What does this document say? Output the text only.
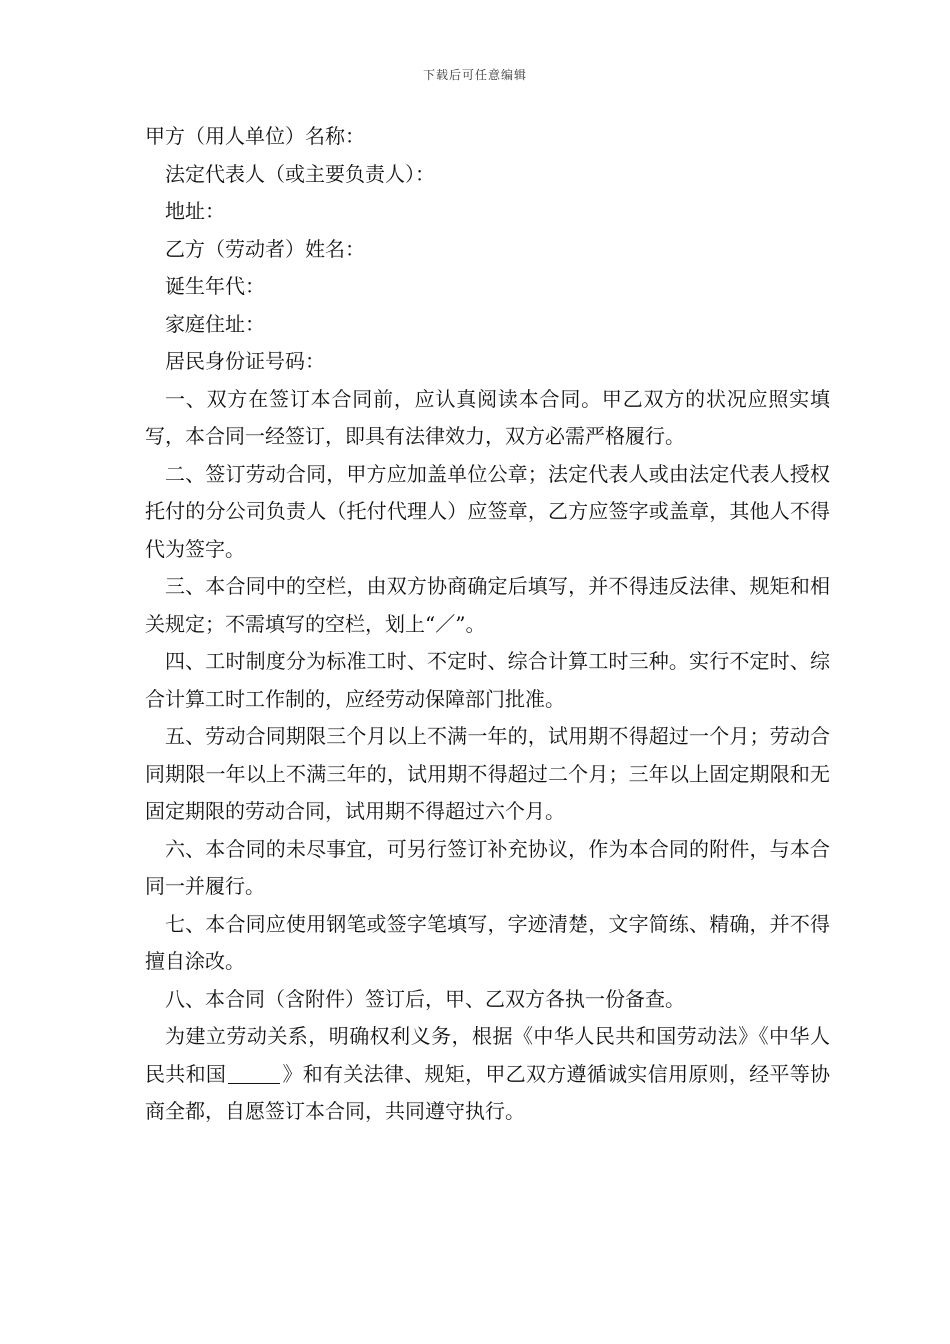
下载后可任意编辑

甲方（用人单位）名称：

法定代表人（或主要负责人）：

地址：

乙方（劳动者）姓名：

诞生年代：

家庭住址：

居民身份证号码：

一、双方在签订本合同前，应认真阅读本合同。甲乙双方的状况应照实填写，本合同一经签订，即具有法律效力，双方必需严格履行。

二、签订劳动合同，甲方应加盖单位公章；法定代表人或由法定代表人授权托付的分公司负责人（托付代理人）应签章，乙方应签字或盖章，其他人不得代为签字。

三、本合同中的空栏，由双方协商确定后填写，并不得违反法律、规矩和相关规定；不需填写的空栏，划上“／”。

四、工时制度分为标准工时、不定时、综合计算工时三种。实行不定时、综合计算工时工作制的，应经劳动保障部门批准。

五、劳动合同期限三个月以上不满一年的，试用期不得超过一个月；劳动合同期限一年以上不满三年的，试用期不得超过二个月；三年以上固定期限和无固定期限的劳动合同，试用期不得超过六个月。

六、本合同的未尽事宜，可另行签订补充协议，作为本合同的附件，与本合同一并履行。

七、本合同应使用钢笔或签字笔填写，字迹清楚，文字简练、精确，并不得擅自涂改。

八、本合同（含附件）签订后，甲、乙双方各执一份备查。

为建立劳动关系，明确权利义务，根据《中华人民共和国劳动法》《中华人民共和国	》和有关法律、规矩，甲乙双方遵循诚实信用原则，经平等协商全都，自愿签订本合同，共同遵守执行。
